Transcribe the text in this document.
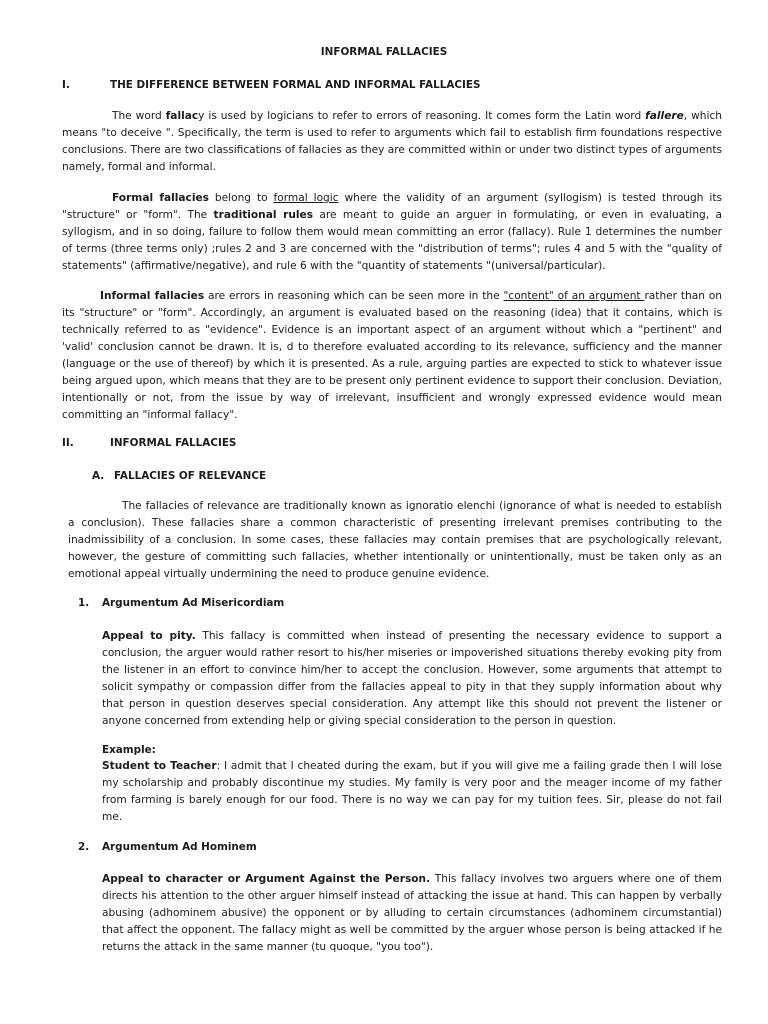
INFORMAL FALLACIES

I.	THE DIFFERENCE BETWEEN FORMAL AND INFORMAL FALLACIES

The word fallacy is used by logicians to refer to errors of reasoning. It comes form the Latin word fallere, which means "to deceive ". Specifically, the term is used to refer to arguments which fail to establish firm foundations respective conclusions. There are two classifications of fallacies as they are committed within or under two distinct types of arguments namely, formal and informal.

Formal fallacies belong to formal logic where the validity of an argument (syllogism) is tested through its "structure" or "form". The traditional rules are meant to guide an arguer in formulating, or even in evaluating, a syllogism, and in so doing, failure to follow them would mean committing an error (fallacy). Rule 1 determines the number of terms (three terms only) ;rules 2 and 3 are concerned with the "distribution of terms"; rules 4 and 5 with the "quality of statements" (affirmative/negative), and rule 6 with the "quantity of statements "(universal/particular).

Informal fallacies are errors in reasoning which can be seen more in the "content" of an argument rather than on its "structure" or "form". Accordingly, an argument is evaluated based on the reasoning (idea) that it contains, which is technically referred to as "evidence". Evidence is an important aspect of an argument without which a "pertinent" and 'valid' conclusion cannot be drawn. It is, d to therefore evaluated according to its relevance, sufficiency and the manner (language or the use of thereof) by which it is presented. As a rule, arguing parties are expected to stick to whatever issue being argued upon, which means that they are to be present only pertinent evidence to support their conclusion. Deviation, intentionally or not, from the issue by way of irrelevant, insufficient and wrongly expressed evidence would mean committing an "informal fallacy".

II.	INFORMAL FALLACIES

A. FALLACIES OF RELEVANCE

The fallacies of relevance are traditionally known as ignoratio elenchi (ignorance of what is needed to establish a conclusion). These fallacies share a common characteristic of presenting irrelevant premises contributing to the inadmissibility of a conclusion. In some cases, these fallacies may contain premises that are psychologically relevant, however, the gesture of committing such fallacies, whether intentionally or unintentionally, must be taken only as an emotional appeal virtually undermining the need to produce genuine evidence.

1. Argumentum Ad Misericordiam

Appeal to pity. This fallacy is committed when instead of presenting the necessary evidence to support a conclusion, the arguer would rather resort to his/her miseries or impoverished situations thereby evoking pity from the listener in an effort to convince him/her to accept the conclusion. However, some arguments that attempt to solicit sympathy or compassion differ from the fallacies appeal to pity in that they supply information about why that person in question deserves special consideration. Any attempt like this should not prevent the listener or anyone concerned from extending help or giving special consideration to the person in question.

Example:

Student to Teacher: I admit that I cheated during the exam, but if you will give me a failing grade then I will lose my scholarship and probably discontinue my studies. My family is very poor and the meager income of my father from farming is barely enough for our food. There is no way we can pay for my tuition fees. Sir, please do not fail me.

2. Argumentum Ad Hominem

Appeal to character or Argument Against the Person. This fallacy involves two arguers where one of them directs his attention to the other arguer himself instead of attacking the issue at hand. This can happen by verbally abusing (adhominem abusive) the opponent or by alluding to certain circumstances (adhominem circumstantial) that affect the opponent. The fallacy might as well be committed by the arguer whose person is being attacked if he returns the attack in the same manner (tu quoque, "you too").
